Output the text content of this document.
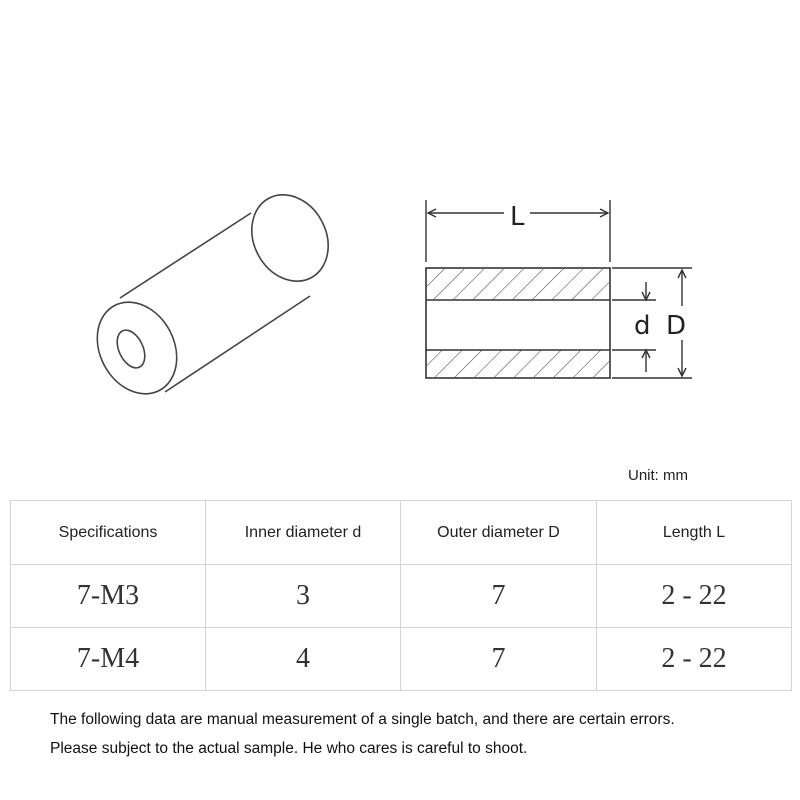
L
d D
Unit: mm
Specifications	Inner diameter d	Outer diameter D	Length L
7-M3	3	7	2 - 22
7-M4	4	7	2 - 22
The following data are manual measurement of a single batch, and there are certain errors.
Please subject to the actual sample. He who cares is careful to shoot.
